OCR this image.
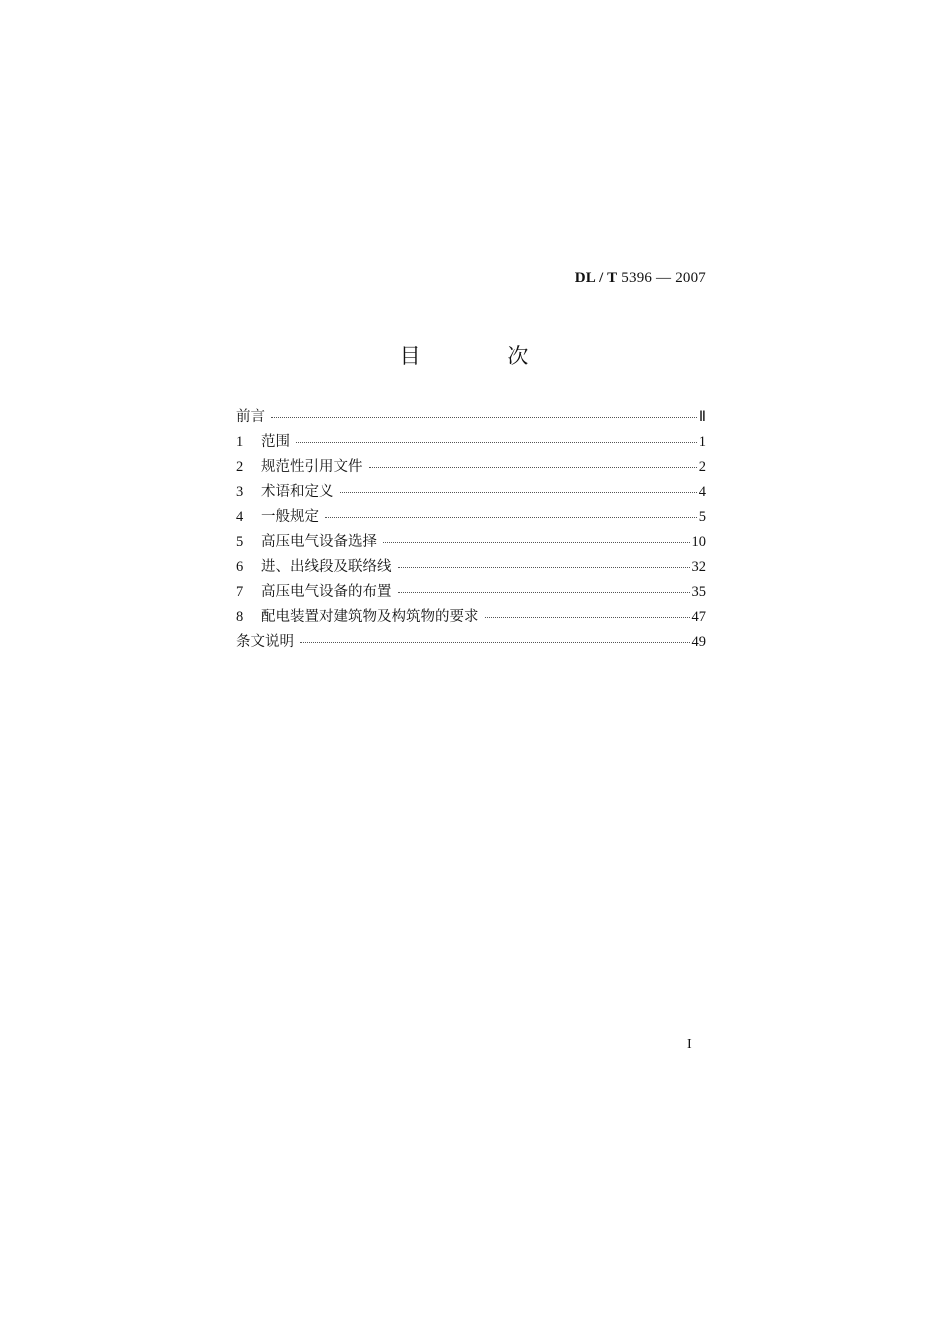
DL / T 5396 — 2007
目 次
前言	Ⅱ
1	范围	1
2	规范性引用文件	2
3	术语和定义	4
4	一般规定	5
5	高压电气设备选择	10
6	进、出线段及联络线	32
7	高压电气设备的布置	35
8	配电装置对建筑物及构筑物的要求	47
条文说明	49
I
